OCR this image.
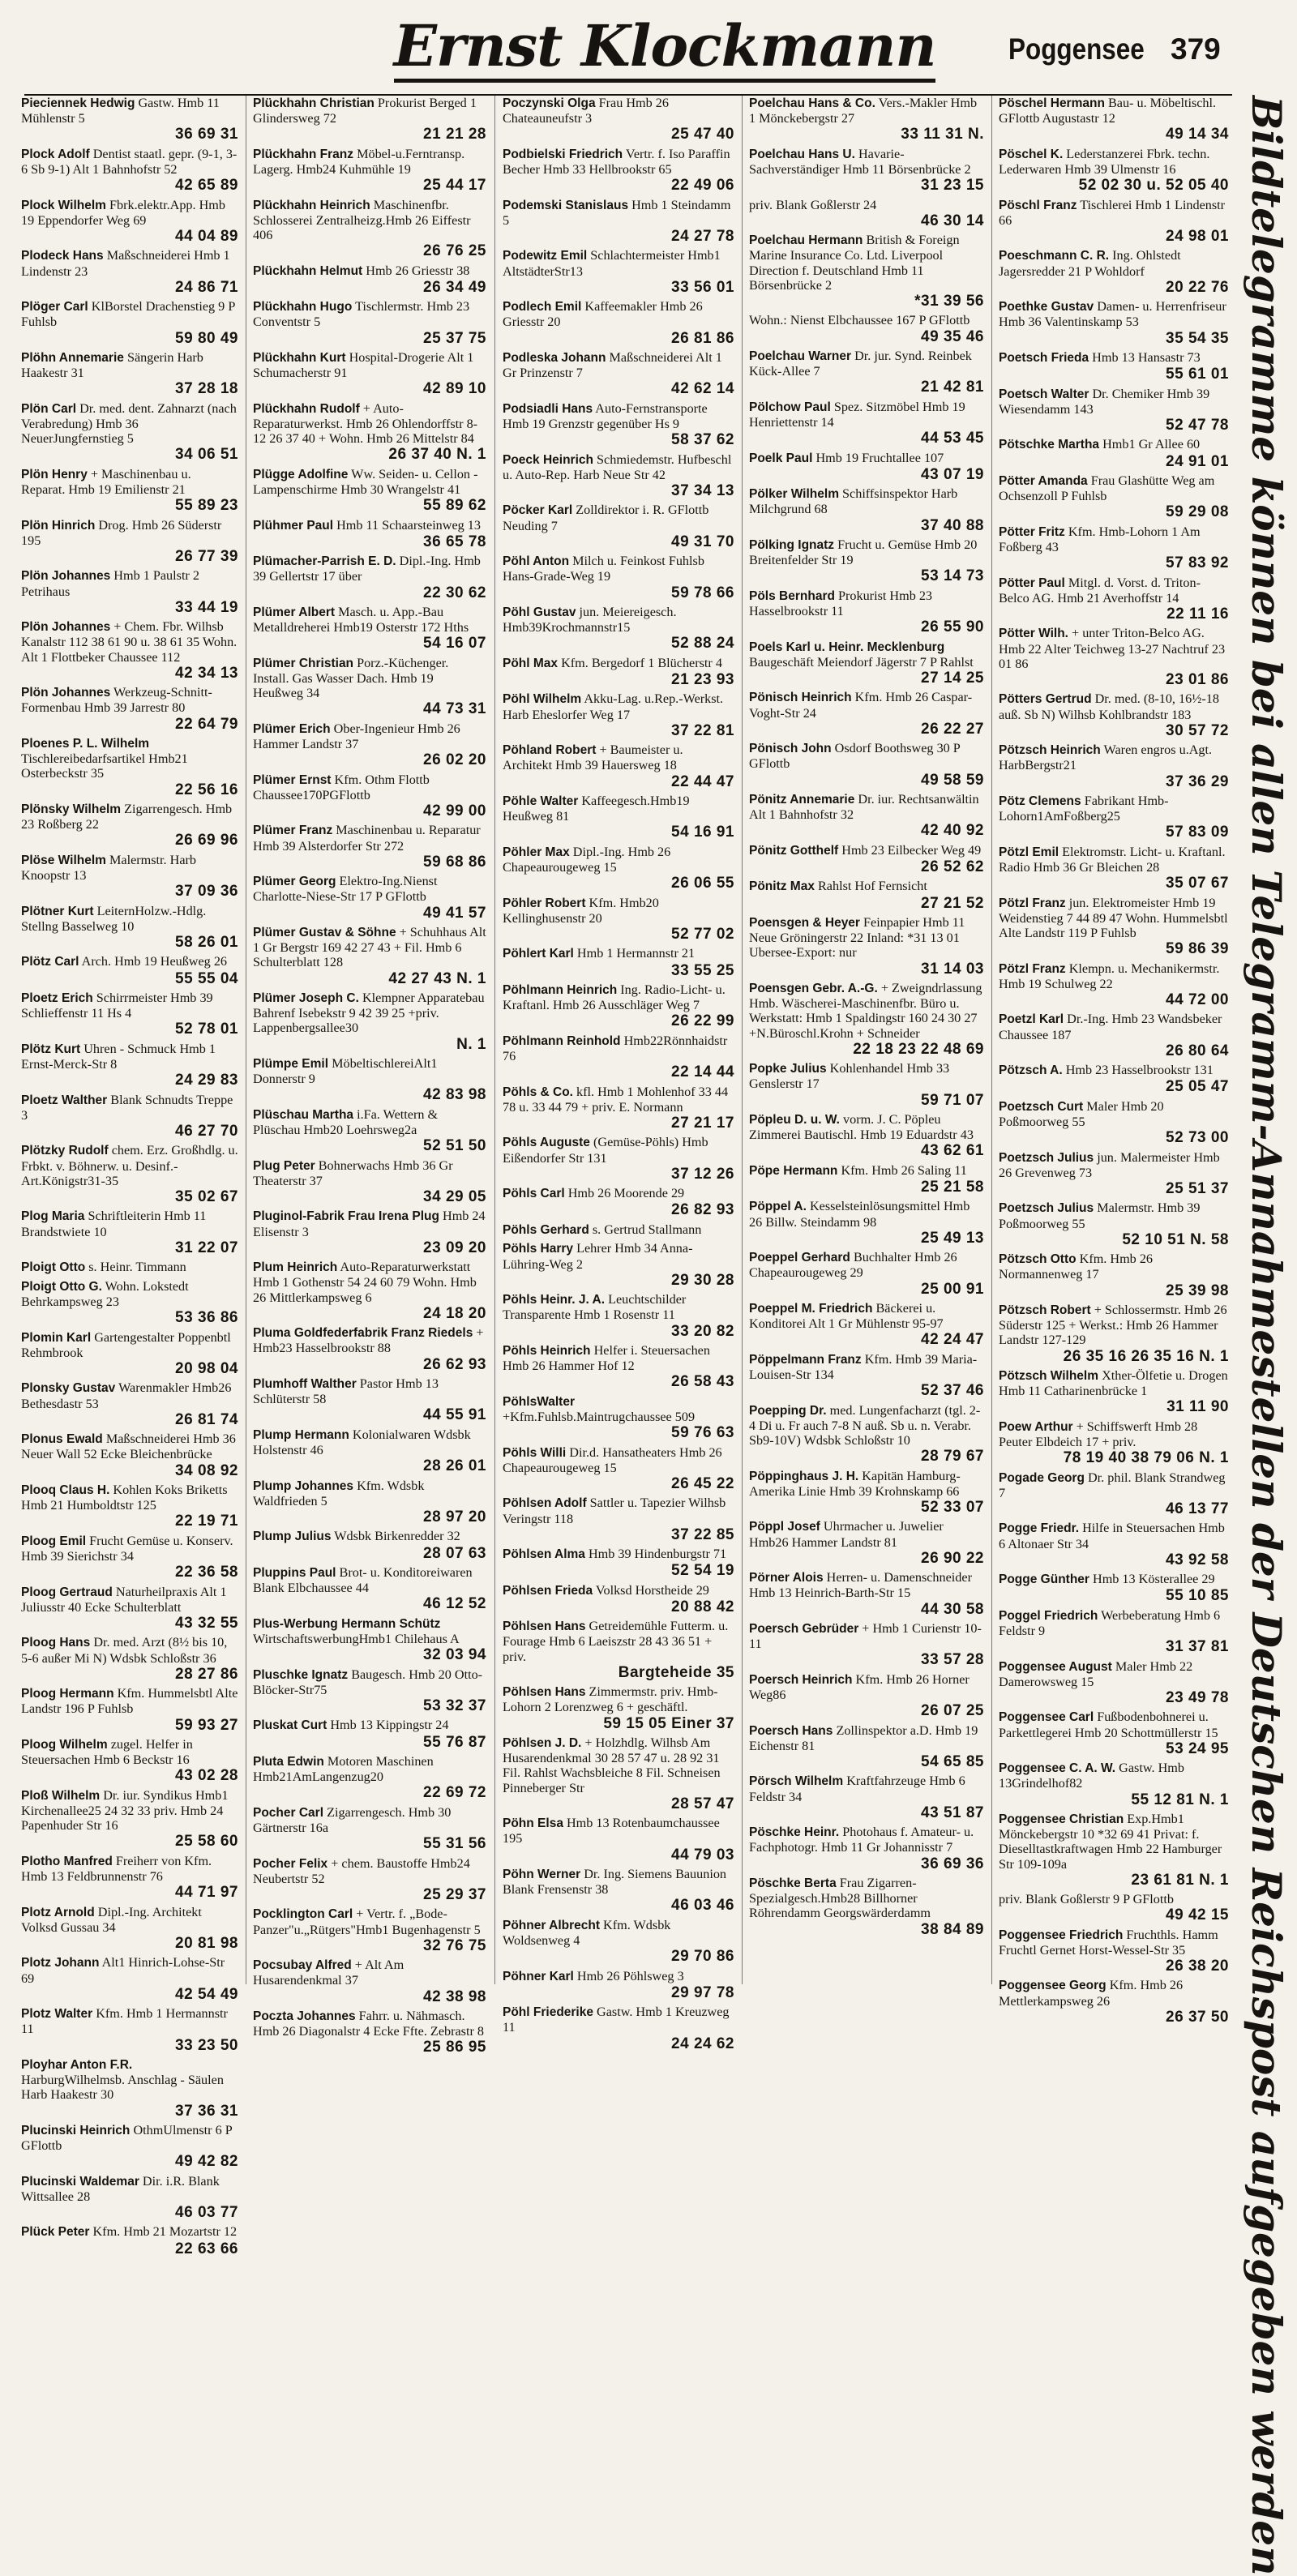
Ernst Klockmann	Poggensee 379
Pieciennek Hedwig Gastw. Hmb 11 Mühlenstr 5
36 69 31
Plock Adolf Dentist staatl. gepr. (9-1, 3-6 Sb 9-1) Alt 1 Bahnhofstr 52
42 65 89
Plock Wilhelm Fbrk.elektr.App. Hmb 19 Eppendorfer Weg 69
44 04 89
Plodeck Hans Maßschneiderei Hmb 1 Lindenstr 23
24 86 71
Plöger Carl KlBorstel Drachenstieg 9 P Fuhlsb
59 80 49
Plöhn Annemarie Sängerin Harb Haakestr 31
37 28 18
Plön Carl Dr. med. dent. Zahnarzt (nach Verabredung) Hmb 36 NeuerJungfernstieg 5
34 06 51
Plön Henry + Maschinenbau u. Reparat. Hmb 19 Emilienstr 21
55 89 23
Plön Hinrich Drog. Hmb 26 Süderstr 195
26 77 39
Plön Johannes Hmb 1 Paulstr 2 Petrihaus
33 44 19
Plön Johannes + Chem. Fbr. Wilhsb Kanalstr 112 38 61 90 u. 38 61 35 Wohn. Alt 1 Flottbeker Chaussee 112
42 34 13
Plön Johannes Werkzeug-Schnitt-Formenbau Hmb 39 Jarrestr 80
22 64 79
Ploenes P. L. Wilhelm Tischlereibedarfsartikel Hmb21 Osterbeckstr 35
22 56 16
Plönsky Wilhelm Zigarrengesch. Hmb 23 Roßberg 22
26 69 96
Plöse Wilhelm Malermstr. Harb Knoopstr 13
37 09 36
Plötner Kurt LeiternHolzw.-Hdlg. Stellng Basselweg 10
58 26 01
Plötz Carl Arch. Hmb 19 Heußweg 26
55 55 04
Ploetz Erich Schirrmeister Hmb 39 Schlieffenstr 11 Hs 4
52 78 01
Plötz Kurt Uhren - Schmuck Hmb 1 Ernst-Merck-Str 8
24 29 83
Ploetz Walther Blank Schnudts Treppe 3
46 27 70
Plötzky Rudolf chem. Erz. Großhdlg. u. Frbkt. v. Böhnerw. u. Desinf.-Art.Königstr31-35
35 02 67
Plog Maria Schriftleiterin Hmb 11 Brandstwiete 10
31 22 07
Ploigt Otto s. Heinr. Timmann
Ploigt Otto G. Wohn. Lokstedt Behrkampsweg 23
53 36 86
Plomin Karl Gartengestalter Poppenbtl Rehmbrook
20 98 04
Plonsky Gustav Warenmakler Hmb26 Bethesdastr 53
26 81 74
Plonus Ewald Maßschneiderei Hmb 36 Neuer Wall 52 Ecke Bleichenbrücke
34 08 92
Plooq Claus H. Kohlen Koks Briketts Hmb 21 Humboldtstr 125
22 19 71
Ploog Emil Frucht Gemüse u. Konserv. Hmb 39 Sierichstr 34
22 36 58
Ploog Gertraud Naturheilpraxis Alt 1 Juliusstr 40 Ecke Schulterblatt
43 32 55
Ploog Hans Dr. med. Arzt (8½ bis 10, 5-6 außer Mi N) Wdsbk Schloßstr 36
28 27 86
Ploog Hermann Kfm. Hummelsbtl Alte Landstr 196 P Fuhlsb
59 93 27
Ploog Wilhelm zugel. Helfer in Steuersachen Hmb 6 Beckstr 16
43 02 28
Ploß Wilhelm Dr. iur. Syndikus Hmb1 Kirchenallee25 24 32 33 priv. Hmb 24 Papenhuder Str 16
25 58 60
Plotho Manfred Freiherr von Kfm. Hmb 13 Feldbrunnenstr 76
44 71 97
Plotz Arnold Dipl.-Ing. Architekt Volksd Gussau 34
20 81 98
Plotz Johann Alt1 Hinrich-Lohse-Str 69
42 54 49
Plotz Walter Kfm. Hmb 1 Hermannstr 11
33 23 50
Ployhar Anton F.R. HarburgWilhelmsb. Anschlag - Säulen Harb Haakestr 30
37 36 31
Plucinski Heinrich OthmUlmenstr 6 P GFlottb
49 42 82
Plucinski Waldemar Dir. i.R. Blank Wittsallee 28
46 03 77
Plück Peter Kfm. Hmb 21 Mozartstr 12
22 63 66
Plückhahn Christian Prokurist Berged 1 Glindersweg 72
21 21 28
Plückhahn Franz Möbel-u.Ferntransp. Lagerg. Hmb24 Kuhmühle 19
25 44 17
Plückhahn Heinrich Maschinenfbr. Schlosserei Zentralheizg.Hmb 26 Eiffestr 406
26 76 25
Plückhahn Helmut Hmb 26 Griesstr 38
26 34 49
Plückhahn Hugo Tischlermstr. Hmb 23 Conventstr 5
25 37 75
Plückhahn Kurt Hospital-Drogerie Alt 1 Schumacherstr 91
42 89 10
Plückhahn Rudolf + Auto-Reparaturwerkst. Hmb 26 Ohlendorffstr 8-12 26 37 40 + Wohn. Hmb 26 Mittelstr 84
26 37 40 N. 1
Plügge Adolfine Ww. Seiden- u. Cellon - Lampenschirme Hmb 30 Wrangelstr 41
55 89 62
Plühmer Paul Hmb 11 Schaarsteinweg 13
36 65 78
Plümacher-Parrish E. D. Dipl.-Ing. Hmb 39 Gellertstr 17 über
22 30 62
Plümer Albert Masch. u. App.-Bau Metalldreherei Hmb19 Osterstr 172 Hths
54 16 07
Plümer Christian Porz.-Küchenger. Install. Gas Wasser Dach. Hmb 19 Heußweg 34
44 73 31
Plümer Erich Ober-Ingenieur Hmb 26 Hammer Landstr 37
26 02 20
Plümer Ernst Kfm. Othm Flottb Chaussee170PGFlottb
42 99 00
Plümer Franz Maschinenbau u. Reparatur Hmb 39 Alsterdorfer Str 272
59 68 86
Plümer Georg Elektro-Ing.Nienst Charlotte-Niese-Str 17 P GFlottb
49 41 57
Plümer Gustav & Söhne + Schuhhaus Alt 1 Gr Bergstr 169 42 27 43 + Fil. Hmb 6 Schulterblatt 128
42 27 43 N. 1
Plümer Joseph C. Klempner Apparatebau Bahrenf Isebekstr 9 42 39 25 +priv. Lappenbergsallee30
N. 1
Plümpe Emil MöbeltischlereiAlt1 Donnerstr 9
42 83 98
Plüschau Martha i.Fa. Wettern & Plüschau Hmb20 Loehrsweg2a
52 51 50
Plug Peter Bohnerwachs Hmb 36 Gr Theaterstr 37
34 29 05
Pluginol-Fabrik Frau Irena Plug Hmb 24 Elisenstr 3
23 09 20
Plum Heinrich Auto-Reparaturwerkstatt Hmb 1 Gothenstr 54 24 60 79 Wohn. Hmb 26 Mittlerkampsweg 6
24 18 20
Pluma Goldfederfabrik Franz Riedels + Hmb23 Hasselbrookstr 88
26 62 93
Plumhoff Walther Pastor Hmb 13 Schlüterstr 58
44 55 91
Plump Hermann Kolonialwaren Wdsbk Holstenstr 46
28 26 01
Plump Johannes Kfm. Wdsbk Waldfrieden 5
28 97 20
Plump Julius Wdsbk Birkenredder 32
28 07 63
Pluppins Paul Brot- u. Konditoreiwaren Blank Elbchaussee 44
46 12 52
Plus-Werbung Hermann Schütz WirtschaftswerbungHmb1 Chilehaus A
32 03 94
Pluschke Ignatz Baugesch. Hmb 20 Otto-Blöcker-Str75
53 32 37
Pluskat Curt Hmb 13 Kippingstr 24
55 76 87
Pluta Edwin Motoren Maschinen Hmb21AmLangenzug20
22 69 72
Pocher Carl Zigarrengesch. Hmb 30 Gärtnerstr 16a
55 31 56
Pocher Felix + chem. Baustoffe Hmb24 Neubertstr 52
25 29 37
Pocklington Carl + Vertr. f. „Bode-Panzer"u.„Rütgers"Hmb1 Bugenhagenstr 5
32 76 75
Pocsubay Alfred + Alt Am Husarendenkmal 37
42 38 98
Poczta Johannes Fahrr. u. Nähmasch. Hmb 26 Diagonalstr 4 Ecke Ffte. Zebrastr 8
25 86 95
Poczynski Olga Frau Hmb 26 Chateauneufstr 3
25 47 40
Podbielski Friedrich Vertr. f. Iso Paraffin Becher Hmb 33 Hellbrookstr 65
22 49 06
Podemski Stanislaus Hmb 1 Steindamm 5
24 27 78
Podewitz Emil Schlachtermeister Hmb1 AltstädterStr13
33 56 01
Podlech Emil Kaffeemakler Hmb 26 Griesstr 20
26 81 86
Podleska Johann Maßschneiderei Alt 1 Gr Prinzenstr 7
42 62 14
Podsiadli Hans Auto-Fernstransporte Hmb 19 Grenzstr gegenüber Hs 9
58 37 62
Poeck Heinrich Schmiedemstr. Hufbeschl u. Auto-Rep. Harb Neue Str 42
37 34 13
Pöcker Karl Zolldirektor i. R. GFlottb Neuding 7
49 31 70
Pöhl Anton Milch u. Feinkost Fuhlsb Hans-Grade-Weg 19
59 78 66
Pöhl Gustav jun. Meiereigesch. Hmb39Krochmannstr15
52 88 24
Pöhl Max Kfm. Bergedorf 1 Blücherstr 4
21 23 93
Pöhl Wilhelm Akku-Lag. u.Rep.-Werkst. Harb Eheslorfer Weg 17
37 22 81
Pöhland Robert + Baumeister u. Architekt Hmb 39 Hauersweg 18
22 44 47
Pöhle Walter Kaffeegesch.Hmb19 Heußweg 81
54 16 91
Pöhler Max Dipl.-Ing. Hmb 26 Chapeaurougeweg 15
26 06 55
Pöhler Robert Kfm. Hmb20 Kellinghusenstr 20
52 77 02
Pöhlert Karl Hmb 1 Hermannstr 21
33 55 25
Pöhlmann Heinrich Ing. Radio-Licht- u. Kraftanl. Hmb 26 Ausschläger Weg 7
26 22 99
Pöhlmann Reinhold Hmb22Rönnhaidstr 76
22 14 44
Pöhls & Co. kfl. Hmb 1 Mohlenhof 33 44 78 u. 33 44 79 + priv. E. Normann
27 21 17
Pöhls Auguste (Gemüse-Pöhls) Hmb Eißendorfer Str 131
37 12 26
Pöhls Carl Hmb 26 Moorende 29
26 82 93
Pöhls Gerhard s. Gertrud Stallmann
Pöhls Harry Lehrer Hmb 34 Anna-Lühring-Weg 2
29 30 28
Pöhls Heinr. J. A. Leuchtschilder Transparente Hmb 1 Rosenstr 11
33 20 82
Pöhls Heinrich Helfer i. Steuersachen Hmb 26 Hammer Hof 12
26 58 43
PöhlsWalter +Kfm.Fuhlsb.Maintrugchaussee 509
59 76 63
Pöhls Willi Dir.d. Hansatheaters Hmb 26 Chapeaurougeweg 15
26 45 22
Pöhlsen Adolf Sattler u. Tapezier Wilhsb Veringstr 118
37 22 85
Pöhlsen Alma Hmb 39 Hindenburgstr 71
52 54 19
Pöhlsen Frieda Volksd Horstheide 29
20 88 42
Pöhlsen Hans Getreidemühle Futterm. u. Fourage Hmb 6 Laeiszstr 28 43 36 51 + priv.
Bargteheide 35
Pöhlsen Hans Zimmermstr. priv. Hmb-Lohorn 2 Lorenzweg 6 + geschäftl.
59 15 05 Einer 37
Pöhlsen J. D. + Holzhdlg. Wilhsb Am Husarendenkmal 30 28 57 47 u. 28 92 31 Fil. Rahlst Wachsbleiche 8 Fil. Schneisen Pinneberger Str
28 57 47
Pöhn Elsa Hmb 13 Rotenbaumchaussee 195
44 79 03
Pöhn Werner Dr. Ing. Siemens Bauunion Blank Frensenstr 38
46 03 46
Pöhner Albrecht Kfm. Wdsbk Woldsenweg 4
29 70 86
Pöhner Karl Hmb 26 Pöhlsweg 3
29 97 78
Pöhl Friederike Gastw. Hmb 1 Kreuzweg 11
24 24 62
Poelchau Hans & Co. Vers.-Makler Hmb 1 Mönckebergstr 27
33 11 31 N.
Poelchau Hans U. Havarie-Sachverständiger Hmb 11 Börsenbrücke 2
31 23 15
priv. Blank Goßlerstr 24
46 30 14
Poelchau Hermann British & Foreign Marine Insurance Co. Ltd. Liverpool Direction f. Deutschland Hmb 11 Börsenbrücke 2
*31 39 56
Wohn.: Nienst Elbchaussee 167 P GFlottb
49 35 46
Poelchau Warner Dr. jur. Synd. Reinbek Kück-Allee 7
21 42 81
Pölchow Paul Spez. Sitzmöbel Hmb 19 Henriettenstr 14
44 53 45
Poelk Paul Hmb 19 Fruchtallee 107
43 07 19
Pölker Wilhelm Schiffsinspektor Harb Milchgrund 68
37 40 88
Pölking Ignatz Frucht u. Gemüse Hmb 20 Breitenfelder Str 19
53 14 73
Pöls Bernhard Prokurist Hmb 23 Hasselbrookstr 11
26 55 90
Poels Karl u. Heinr. Mecklenburg Baugeschäft Meiendorf Jägerstr 7 P Rahlst
27 14 25
Pönisch Heinrich Kfm. Hmb 26 Caspar-Voght-Str 24
26 22 27
Pönisch John Osdorf Boothsweg 30 P GFlottb
49 58 59
Pönitz Annemarie Dr. iur. Rechtsanwältin Alt 1 Bahnhofstr 32
42 40 92
Pönitz Gotthelf Hmb 23 Eilbecker Weg 49
26 52 62
Pönitz Max Rahlst Hof Fernsicht
27 21 52
Poensgen & Heyer Feinpapier Hmb 11 Neue Gröningerstr 22 Inland: *31 13 01 Ubersee-Export: nur
31 14 03
Poensgen Gebr. A.-G. + Zweigndrlassung Hmb. Wäscherei-Maschinenfbr. Büro u. Werkstatt: Hmb 1 Spaldingstr 160 24 30 27 +N.Büroschl.Krohn + Schneider
22 18 23 22 48 69
Popke Julius Kohlenhandel Hmb 33 Genslerstr 17
59 71 07
Pöpleu D. u. W. vorm. J. C. Pöpleu Zimmerei Bautischl. Hmb 19 Eduardstr 43
43 62 61
Pöpe Hermann Kfm. Hmb 26 Saling 11
25 21 58
Pöppel A. Kesselsteinlösungsmittel Hmb 26 Billw. Steindamm 98
25 49 13
Poeppel Gerhard Buchhalter Hmb 26 Chapeaurougeweg 29
25 00 91
Poeppel M. Friedrich Bäckerei u. Konditorei Alt 1 Gr Mühlenstr 95-97
42 24 47
Pöppelmann Franz Kfm. Hmb 39 Maria-Louisen-Str 134
52 37 46
Poepping Dr. med. Lungenfacharzt (tgl. 2-4 Di u. Fr auch 7-8 N auß. Sb u. n. Verabr. Sb9-10V) Wdsbk Schloßstr 10
28 79 67
Pöppinghaus J. H. Kapitän Hamburg-Amerika Linie Hmb 39 Krohnskamp 66
52 33 07
Pöppl Josef Uhrmacher u. Juwelier Hmb26 Hammer Landstr 81
26 90 22
Pörner Alois Herren- u. Damenschneider Hmb 13 Heinrich-Barth-Str 15
44 30 58
Poersch Gebrüder + Hmb 1 Curienstr 10-11
33 57 28
Poersch Heinrich Kfm. Hmb 26 Horner Weg86
26 07 25
Poersch Hans Zollinspektor a.D. Hmb 19 Eichenstr 81
54 65 85
Pörsch Wilhelm Kraftfahrzeuge Hmb 6 Feldstr 34
43 51 87
Pöschke Heinr. Photohaus f. Amateur- u. Fachphotogr. Hmb 11 Gr Johannisstr 7
36 69 36
Pöschke Berta Frau Zigarren-Spezialgesch.Hmb28 Billhorner Röhrendamm Georgswärderdamm
38 84 89
Pöschel Hermann Bau- u. Möbeltischl. GFlottb Augustastr 12
49 14 34
Pöschel K. Lederstanzerei Fbrk. techn. Lederwaren Hmb 39 Ulmenstr 16
52 02 30 u. 52 05 40
Pöschl Franz Tischlerei Hmb 1 Lindenstr 66
24 98 01
Poeschmann C. R. Ing. Ohlstedt Jagersredder 21 P Wohldorf
20 22 76
Poethke Gustav Damen- u. Herrenfriseur Hmb 36 Valentinskamp 53
35 54 35
Poetsch Frieda Hmb 13 Hansastr 73
55 61 01
Poetsch Walter Dr. Chemiker Hmb 39 Wiesendamm 143
52 47 78
Pötschke Martha Hmb1 Gr Allee 60
24 91 01
Pötter Amanda Frau Glashütte Weg am Ochsenzoll P Fuhlsb
59 29 08
Pötter Fritz Kfm. Hmb-Lohorn 1 Am Foßberg 43
57 83 92
Pötter Paul Mitgl. d. Vorst. d. Triton-Belco AG. Hmb 21 Averhoffstr 14
22 11 16
Pötter Wilh. + unter Triton-Belco AG. Hmb 22 Alter Teichweg 13-27 Nachtruf 23 01 86
23 01 86
Pötters Gertrud Dr. med. (8-10, 16½-18 auß. Sb N) Wilhsb Kohlbrandstr 183
30 57 72
Pötzsch Heinrich Waren engros u.Agt. HarbBergstr21
37 36 29
Pötz Clemens Fabrikant Hmb-Lohorn1AmFoßberg25
57 83 09
Pötzl Emil Elektromstr. Licht- u. Kraftanl. Radio Hmb 36 Gr Bleichen 28
35 07 67
Pötzl Franz jun. Elektromeister Hmb 19 Weidenstieg 7 44 89 47 Wohn. Hummelsbtl Alte Landstr 119 P Fuhlsb
59 86 39
Pötzl Franz Klempn. u. Mechanikermstr. Hmb 19 Schulweg 22
44 72 00
Poetzl Karl Dr.-Ing. Hmb 23 Wandsbeker Chaussee 187
26 80 64
Pötzsch A. Hmb 23 Hasselbrookstr 131
25 05 47
Poetzsch Curt Maler Hmb 20 Poßmoorweg 55
52 73 00
Poetzsch Julius jun. Malermeister Hmb 26 Grevenweg 73
25 51 37
Poetzsch Julius Malermstr. Hmb 39 Poßmoorweg 55
52 10 51 N. 58
Pötzsch Otto Kfm. Hmb 26 Normannenweg 17
25 39 98
Pötzsch Robert + Schlossermstr. Hmb 26 Süderstr 125 + Werkst.: Hmb 26 Hammer Landstr 127-129
26 35 16 26 35 16 N. 1
Pötzsch Wilhelm Xther-Ölfetie u. Drogen Hmb 11 Catharinenbrücke 1
31 11 90
Poew Arthur + Schiffswerft Hmb 28 Peuter Elbdeich 17 + priv.
78 19 40 38 79 06 N. 1
Pogade Georg Dr. phil. Blank Strandweg 7
46 13 77
Pogge Friedr. Hilfe in Steuersachen Hmb 6 Altonaer Str 34
43 92 58
Pogge Günther Hmb 13 Kösterallee 29
55 10 85
Poggel Friedrich Werbeberatung Hmb 6 Feldstr 9
31 37 81
Poggensee August Maler Hmb 22 Damerowsweg 15
23 49 78
Poggensee Carl Fußbodenbohnerei u. Parkettlegerei Hmb 20 Schottmüllerstr 15
53 24 95
Poggensee C. A. W. Gastw. Hmb 13Grindelhof82
55 12 81 N. 1
Poggensee Christian Exp.Hmb1 Mönckebergstr 10 *32 69 41 Privat: f. Dieselltastkraftwagen Hmb 22 Hamburger Str 109-109a
23 61 81 N. 1
priv. Blank Goßlerstr 9 P GFlottb
49 42 15
Poggensee Friedrich Fruchthls. Hamm Fruchtl Gernet Horst-Wessel-Str 35
26 38 20
Poggensee Georg Kfm. Hmb 26 Mettlerkampsweg 26
26 37 50 Bildtelegramme können bei allen Telegramm-Annahmestellen der Deutschen Reichspost aufgegeben werden
